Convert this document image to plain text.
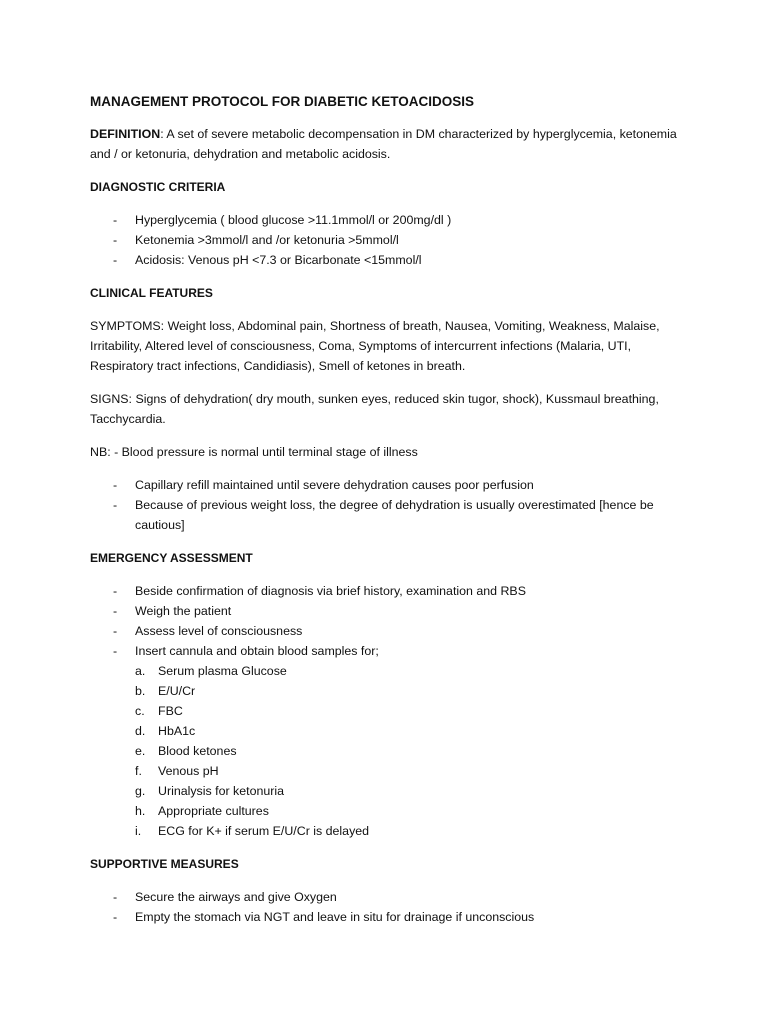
MANAGEMENT PROTOCOL FOR DIABETIC KETOACIDOSIS

DEFINITION: A set of severe metabolic decompensation in DM characterized by hyperglycemia, ketonemia and / or ketonuria, dehydration and metabolic acidosis.

DIAGNOSTIC CRITERIA
- Hyperglycemia ( blood glucose >11.1mmol/l or 200mg/dl )
- Ketonemia >3mmol/l and /or ketonuria >5mmol/l
- Acidosis: Venous pH <7.3 or Bicarbonate <15mmol/l
CLINICAL FEATURES

SYMPTOMS: Weight loss, Abdominal pain, Shortness of breath, Nausea, Vomiting, Weakness, Malaise, Irritability, Altered level of consciousness, Coma, Symptoms of intercurrent infections (Malaria, UTI, Respiratory tract infections, Candidiasis), Smell of ketones in breath.

SIGNS: Signs of dehydration( dry mouth, sunken eyes, reduced skin tugor, shock), Kussmaul breathing, Tacchycardia.

NB: - Blood pressure is normal until terminal stage of illness

- Capillary refill maintained until severe dehydration causes poor perfusion
- Because of previous weight loss, the degree of dehydration is usually overestimated [hence be cautious]
EMERGENCY ASSESSMENT
- Beside confirmation of diagnosis via brief history, examination and RBS
- Weigh the patient
- Assess level of consciousness
- Insert cannula and obtain blood samples for;
a. Serum plasma Glucose
b. E/U/Cr
c. FBC
d. HbA1c
e. Blood ketones
f. Venous pH
g. Urinalysis for ketonuria
h. Appropriate cultures
i. ECG for K+ if serum E/U/Cr is delayed
SUPPORTIVE MEASURES
- Secure the airways and give Oxygen
- Empty the stomach via NGT and leave in situ for drainage if unconscious
